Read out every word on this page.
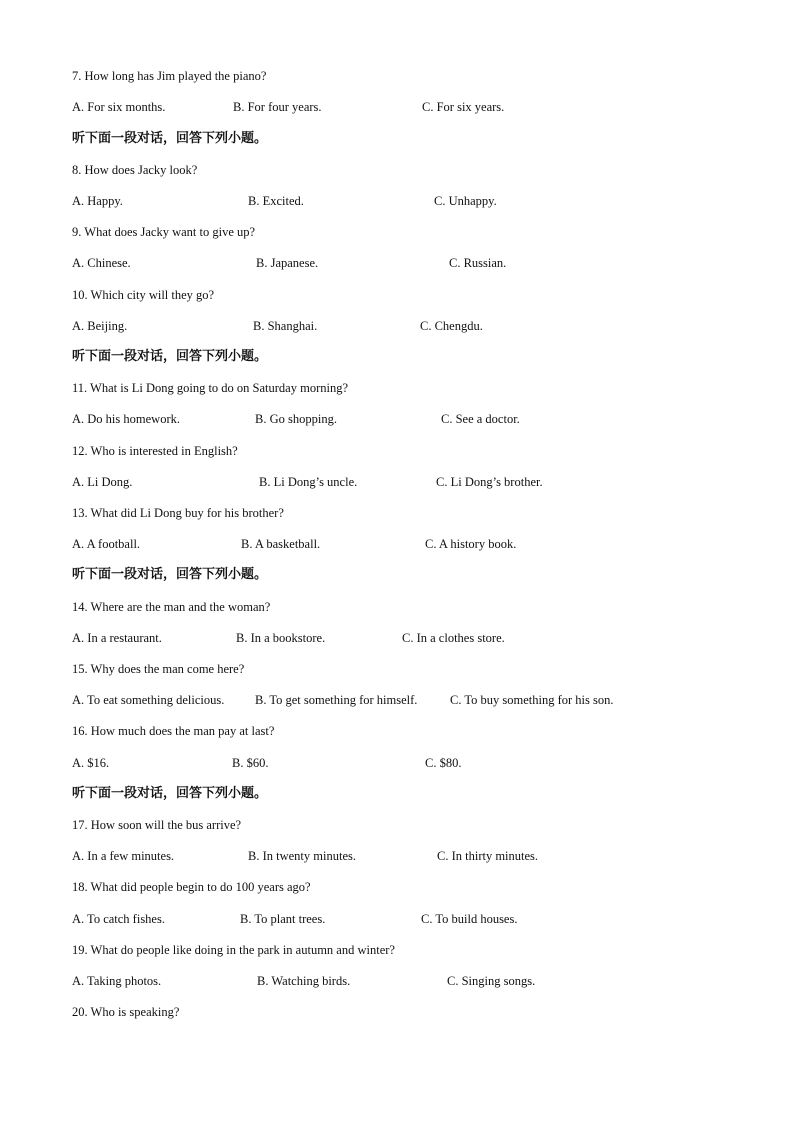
7. How long has Jim played the piano?
A. For six months.	B. For four years.	C. For six years.
听下面一段对话，回答下列小题。
8. How does Jacky look?
A. Happy.	B. Excited.	C. Unhappy.
9. What does Jacky want to give up?
A. Chinese.	B. Japanese.	C. Russian.
10. Which city will they go?
A. Beijing.	B. Shanghai.	C. Chengdu.
听下面一段对话，回答下列小题。
11. What is Li Dong going to do on Saturday morning?
A. Do his homework.	B. Go shopping.	C. See a doctor.
12. Who is interested in English?
A. Li Dong.	B. Li Dong’s uncle.	C. Li Dong’s brother.
13. What did Li Dong buy for his brother?
A. A football.	B. A basketball.	C. A history book.
听下面一段对话，回答下列小题。
14. Where are the man and the woman?
A. In a restaurant.	B. In a bookstore.	C. In a clothes store.
15. Why does the man come here?
A. To eat something delicious. B. To get something for himself.	C. To buy something for his son.
16. How much does the man pay at last?
A. $16.	B. $60.	C. $80.
听下面一段对话，回答下列小题。
17. How soon will the bus arrive?
A. In a few minutes.	B. In twenty minutes.	C. In thirty minutes.
18. What did people begin to do 100 years ago?
A. To catch fishes.	B. To plant trees.	C. To build houses.
19. What do people like doing in the park in autumn and winter?
A. Taking photos.	B. Watching birds.	C. Singing songs.
20. Who is speaking?
